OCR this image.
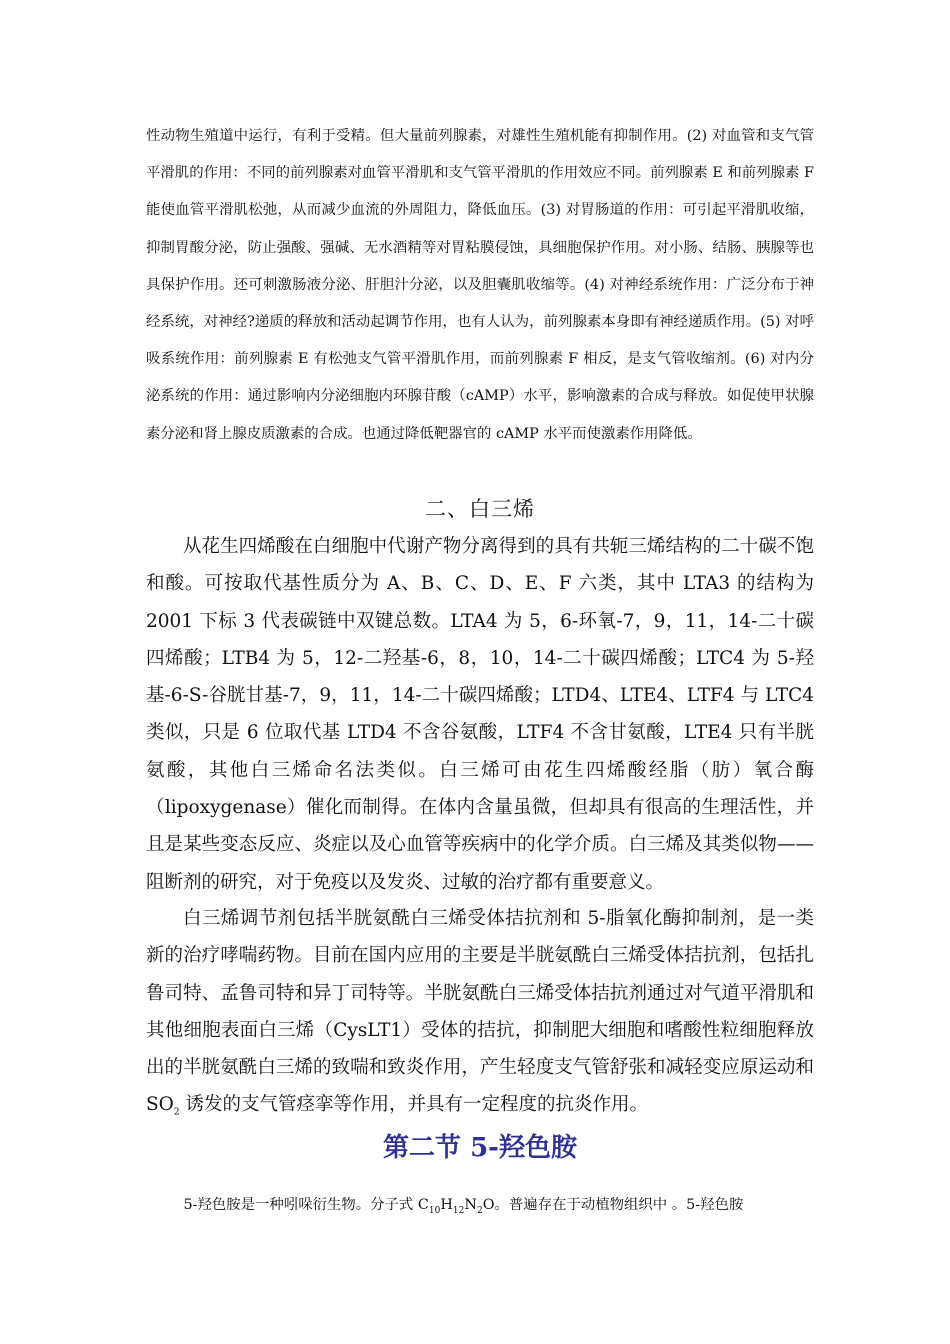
性动物生殖道中运行，有利于受精。但大量前列腺素，对雄性生殖机能有抑制作用。(2) 对血管和支气管平滑肌的作用：不同的前列腺素对血管平滑肌和支气管平滑肌的作用效应不同。前列腺素 E 和前列腺素 F 能使血管平滑肌松弛，从而减少血流的外周阻力，降低血压。(3) 对胃肠道的作用：可引起平滑肌收缩，抑制胃酸分泌，防止强酸、强碱、无水酒精等对胃粘膜侵蚀，具细胞保护作用。对小肠、结肠、胰腺等也具保护作用。还可刺激肠液分泌、肝胆汁分泌，以及胆囊肌收缩等。(4) 对神经系统作用：广泛分布于神经系统，对神经?递质的释放和活动起调节作用，也有人认为，前列腺素本身即有神经递质作用。(5) 对呼吸系统作用：前列腺素 E 有松弛支气管平滑肌作用，而前列腺素 F 相反，是支气管收缩剂。(6) 对内分泌系统的作用：通过影响内分泌细胞内环腺苷酸（cAMP）水平，影响激素的合成与释放。如促使甲状腺素分泌和肾上腺皮质激素的合成。也通过降低靶器官的 cAMP 水平而使激素作用降低。

二、白三烯

从花生四烯酸在白细胞中代谢产物分离得到的具有共轭三烯结构的二十碳不饱和酸。可按取代基性质分为 A、B、C、D、E、F 六类，其中 LTA3 的结构为 2001 下标 3 代表碳链中双键总数。LTA4 为 5，6-环氧-7，9，11，14-二十碳四烯酸；LTB4 为 5，12-二羟基-6，8，10，14-二十碳四烯酸；LTC4 为 5-羟基-6-S-谷胱甘基-7，9，11，14-二十碳四烯酸；LTD4、LTE4、LTF4 与 LTC4 类似，只是 6 位取代基 LTD4 不含谷氨酸，LTF4 不含甘氨酸，LTE4 只有半胱氨酸，其他白三烯命名法类似。白三烯可由花生四烯酸经脂（肪）氧合酶（lipoxygenase）催化而制得。在体内含量虽微，但却具有很高的生理活性，并且是某些变态反应、炎症以及心血管等疾病中的化学介质。白三烯及其类似物——阻断剂的研究，对于免疫以及发炎、过敏的治疗都有重要意义。

白三烯调节剂包括半胱氨酰白三烯受体拮抗剂和 5-脂氧化酶抑制剂，是一类新的治疗哮喘药物。目前在国内应用的主要是半胱氨酰白三烯受体拮抗剂，包括扎鲁司特、孟鲁司特和异丁司特等。半胱氨酰白三烯受体拮抗剂通过对气道平滑肌和其他细胞表面白三烯（CysLT1）受体的拮抗，抑制肥大细胞和嗜酸性粒细胞释放出的半胱氨酰白三烯的致喘和致炎作用，产生轻度支气管舒张和减轻变应原运动和 $SO_2$ 诱发的支气管痉挛等作用，并具有一定程度的抗炎作用。

第二节 5-羟色胺

5-羟色胺是一种吲哚衍生物。分子式 $C_{10}H_{12}N_2O$。普遍存在于动植物组织中 。5-羟色胺
